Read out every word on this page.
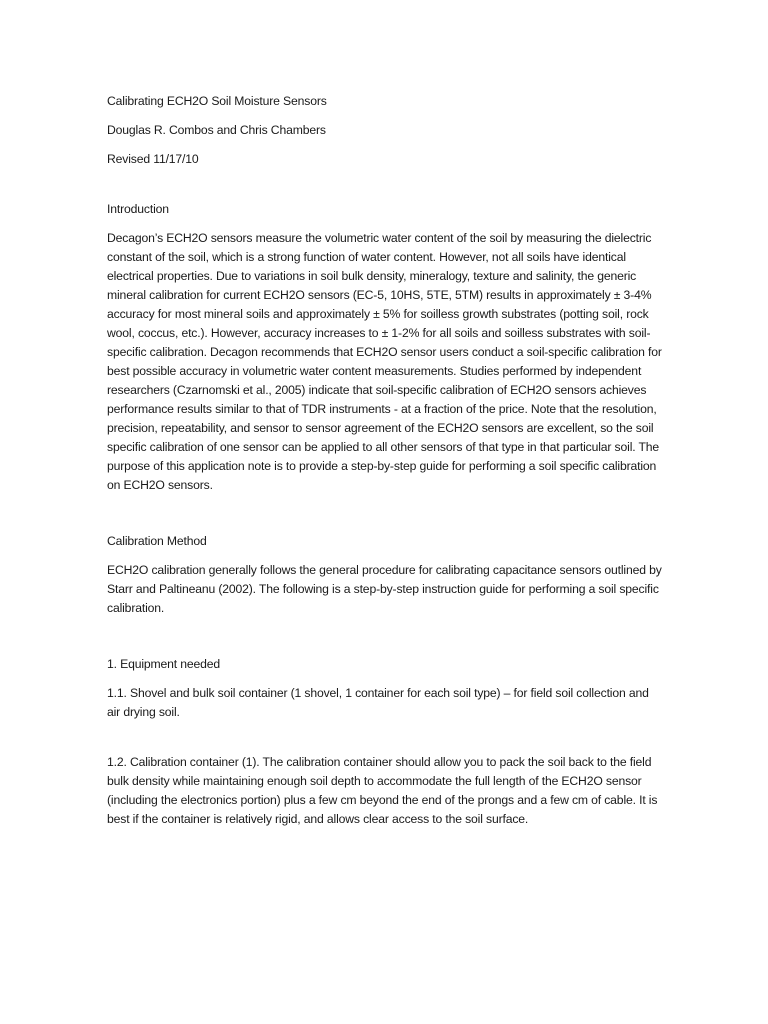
Calibrating ECH2O Soil Moisture Sensors

Douglas R. Combos and Chris Chambers

Revised 11/17/10

Introduction

Decagon’s ECH2O sensors measure the volumetric water content of the soil by measuring the dielectric constant of the soil, which is a strong function of water content. However, not all soils have identical electrical properties. Due to variations in soil bulk density, mineralogy, texture and salinity, the generic mineral calibration for current ECH2O sensors (EC-5, 10HS, 5TE, 5TM) results in approximately ± 3-4% accuracy for most mineral soils and approximately ± 5% for soilless growth substrates (potting soil, rock wool, coccus, etc.). However, accuracy increases to ± 1-2% for all soils and soilless substrates with soil-specific calibration. Decagon recommends that ECH2O sensor users conduct a soil-specific calibration for best possible accuracy in volumetric water content measurements. Studies performed by independent researchers (Czarnomski et al., 2005) indicate that soil-specific calibration of ECH2O sensors achieves performance results similar to that of TDR instruments - at a fraction of the price. Note that the resolution, precision, repeatability, and sensor to sensor agreement of the ECH2O sensors are excellent, so the soil specific calibration of one sensor can be applied to all other sensors of that type in that particular soil. The purpose of this application note is to provide a step-by-step guide for performing a soil specific calibration on ECH2O sensors.

Calibration Method

ECH2O calibration generally follows the general procedure for calibrating capacitance sensors outlined by Starr and Paltineanu (2002). The following is a step-by-step instruction guide for performing a soil specific calibration.

1. Equipment needed

1.1. Shovel and bulk soil container (1 shovel, 1 container for each soil type) – for field soil collection and air drying soil.

1.2. Calibration container (1). The calibration container should allow you to pack the soil back to the field bulk density while maintaining enough soil depth to accommodate the full length of the ECH2O sensor (including the electronics portion) plus a few cm beyond the end of the prongs and a few cm of cable. It is best if the container is relatively rigid, and allows clear access to the soil surface.
